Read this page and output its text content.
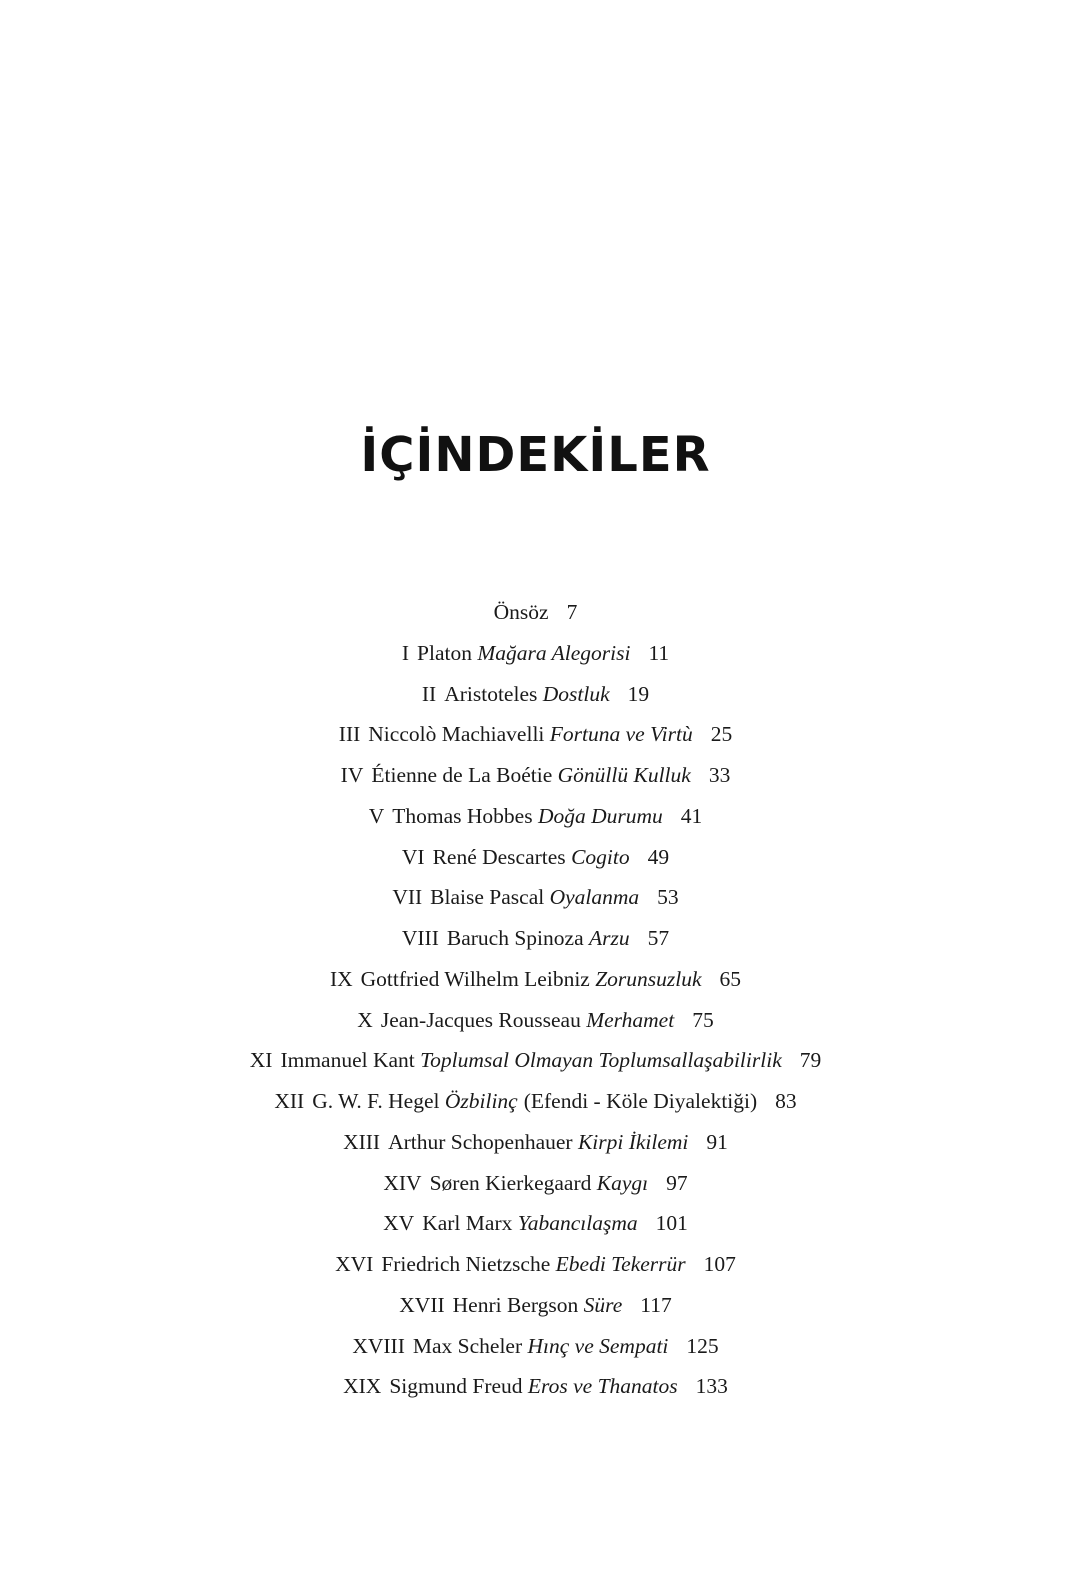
İÇİNDEKİLER
Önsöz 7
I Platon Mağara Alegorisi 11
II Aristoteles Dostluk 19
III Niccolò Machiavelli Fortuna ve Virtù 25
IV Étienne de La Boétie Gönüllü Kulluk 33
V Thomas Hobbes Doğa Durumu 41
VI René Descartes Cogito 49
VII Blaise Pascal Oyalanma 53
VIII Baruch Spinoza Arzu 57
IX Gottfried Wilhelm Leibniz Zorunsuzluk 65
X Jean-Jacques Rousseau Merhamet 75
XI Immanuel Kant Toplumsal Olmayan Toplumsallaşabilirlik 79
XII G. W. F. Hegel Özbilinç (Efendi - Köle Diyalektiği) 83
XIII Arthur Schopenhauer Kirpi İkilemi 91
XIV Søren Kierkegaard Kaygı 97
XV Karl Marx Yabancılaşma 101
XVI Friedrich Nietzsche Ebedi Tekerrür 107
XVII Henri Bergson Süre 117
XVIII Max Scheler Hınç ve Sempati 125
XIX Sigmund Freud Eros ve Thanatos 133
